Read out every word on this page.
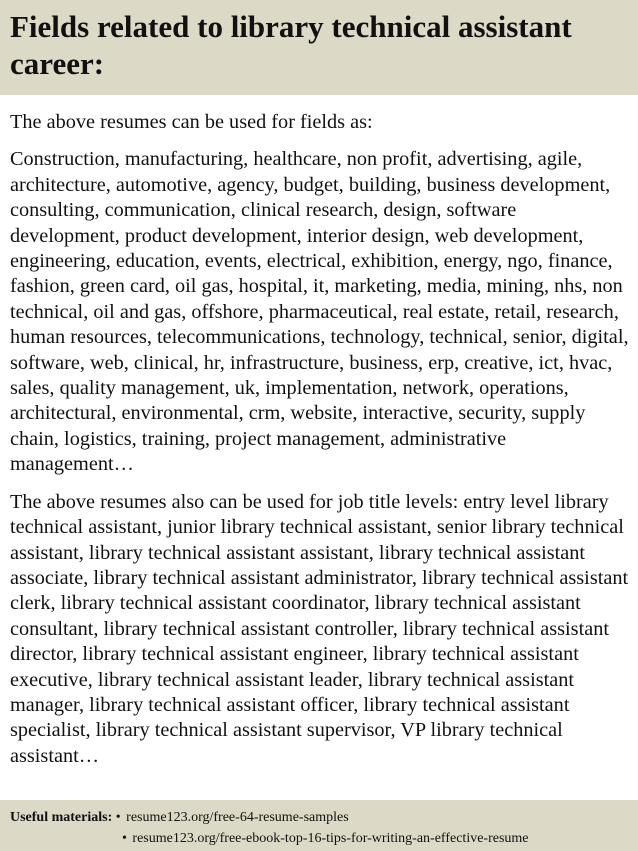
Fields related to library technical assistant career:

The above resumes can be used for fields as:

Construction, manufacturing, healthcare, non profit, advertising, agile, architecture, automotive, agency, budget, building, business development, consulting, communication, clinical research, design, software development, product development, interior design, web development, engineering, education, events, electrical, exhibition, energy, ngo, finance, fashion, green card, oil gas, hospital, it, marketing, media, mining, nhs, non technical, oil and gas, offshore, pharmaceutical, real estate, retail, research, human resources, telecommunications, technology, technical, senior, digital, software, web, clinical, hr, infrastructure, business, erp, creative, ict, hvac, sales, quality management, uk, implementation, network, operations, architectural, environmental, crm, website, interactive, security, supply chain, logistics, training, project management, administrative management…

The above resumes also can be used for job title levels: entry level library technical assistant, junior library technical assistant, senior library technical assistant, library technical assistant assistant, library technical assistant associate, library technical assistant administrator, library technical assistant clerk, library technical assistant coordinator, library technical assistant consultant, library technical assistant controller, library technical assistant director, library technical assistant engineer, library technical assistant executive, library technical assistant leader, library technical assistant manager, library technical assistant officer, library technical assistant specialist, library technical assistant supervisor, VP library technical assistant…

Useful materials: • resume123.org/free-64-resume-samples
• resume123.org/free-ebook-top-16-tips-for-writing-an-effective-resume
